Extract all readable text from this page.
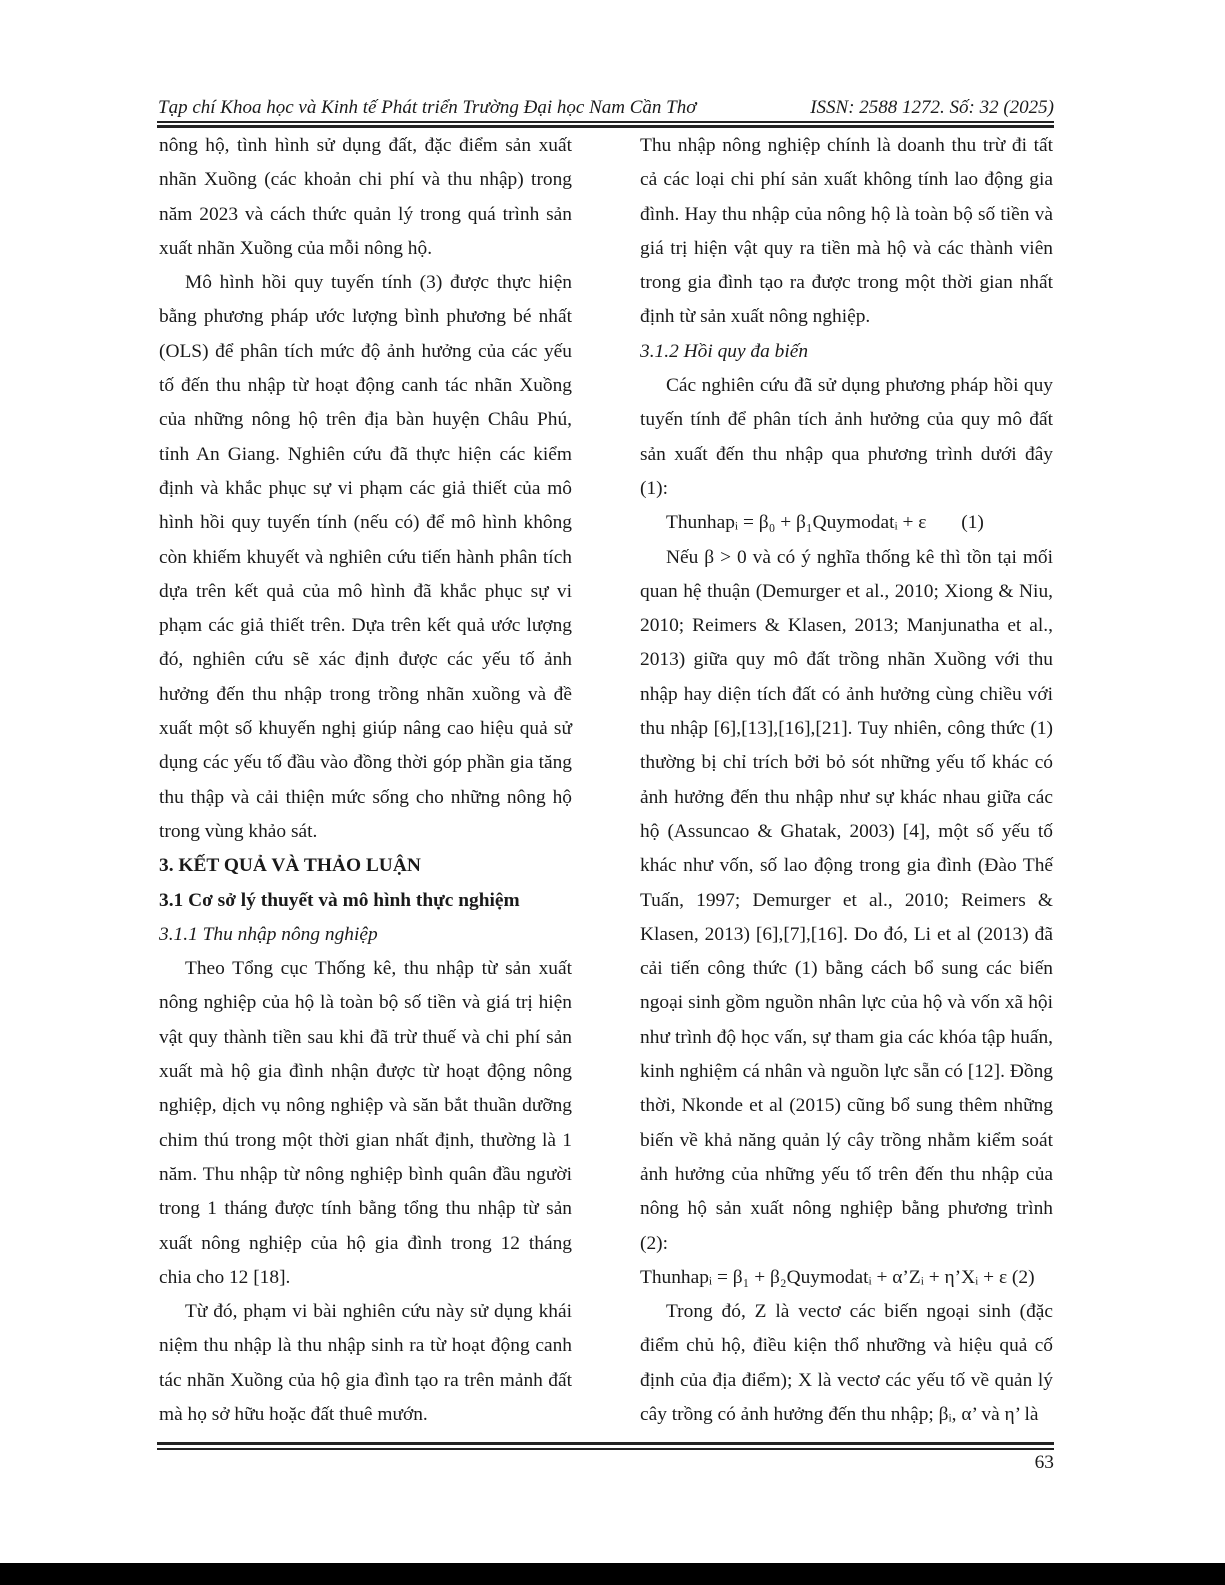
Tạp chí Khoa học và Kinh tế Phát triển Trường Đại học Nam Cần Thơ	ISSN: 2588 1272. Số: 32 (2025)

nông hộ, tình hình sử dụng đất, đặc điểm sản xuất nhãn Xuồng (các khoản chi phí và thu nhập) trong năm 2023 và cách thức quản lý trong quá trình sản xuất nhãn Xuồng của mỗi nông hộ.

Mô hình hồi quy tuyến tính (3) được thực hiện bằng phương pháp ước lượng bình phương bé nhất (OLS) để phân tích mức độ ảnh hưởng của các yếu tố đến thu nhập từ hoạt động canh tác nhãn Xuồng của những nông hộ trên địa bàn huyện Châu Phú, tỉnh An Giang. Nghiên cứu đã thực hiện các kiểm định và khắc phục sự vi phạm các giả thiết của mô hình hồi quy tuyến tính (nếu có) để mô hình không còn khiếm khuyết và nghiên cứu tiến hành phân tích dựa trên kết quả của mô hình đã khắc phục sự vi phạm các giả thiết trên. Dựa trên kết quả ước lượng đó, nghiên cứu sẽ xác định được các yếu tố ảnh hưởng đến thu nhập trong trồng nhãn xuồng và đề xuất một số khuyến nghị giúp nâng cao hiệu quả sử dụng các yếu tố đầu vào đồng thời góp phần gia tăng thu thập và cải thiện mức sống cho những nông hộ trong vùng khảo sát.

3. KẾT QUẢ VÀ THẢO LUẬN
3.1 Cơ sở lý thuyết và mô hình thực nghiệm
3.1.1 Thu nhập nông nghiệp

Theo Tổng cục Thống kê, thu nhập từ sản xuất nông nghiệp của hộ là toàn bộ số tiền và giá trị hiện vật quy thành tiền sau khi đã trừ thuế và chi phí sản xuất mà hộ gia đình nhận được từ hoạt động nông nghiệp, dịch vụ nông nghiệp và săn bắt thuần dưỡng chim thú trong một thời gian nhất định, thường là 1 năm. Thu nhập từ nông nghiệp bình quân đầu người trong 1 tháng được tính bằng tổng thu nhập từ sản xuất nông nghiệp của hộ gia đình trong 12 tháng chia cho 12 [18].

Từ đó, phạm vi bài nghiên cứu này sử dụng khái niệm thu nhập là thu nhập sinh ra từ hoạt động canh tác nhãn Xuồng của hộ gia đình tạo ra trên mảnh đất mà họ sở hữu hoặc đất thuê mướn.

Thu nhập nông nghiệp chính là doanh thu trừ đi tất cả các loại chi phí sản xuất không tính lao động gia đình. Hay thu nhập của nông hộ là toàn bộ số tiền và giá trị hiện vật quy ra tiền mà hộ và các thành viên trong gia đình tạo ra được trong một thời gian nhất định từ sản xuất nông nghiệp.

3.1.2 Hồi quy đa biến

Các nghiên cứu đã sử dụng phương pháp hồi quy tuyến tính để phân tích ảnh hưởng của quy mô đất sản xuất đến thu nhập qua phương trình dưới đây (1):

Thunhapᵢ = β₀ + β₁Quymodatᵢ + ε (1)

Nếu β > 0 và có ý nghĩa thống kê thì tồn tại mối quan hệ thuận (Demurger et al., 2010; Xiong & Niu, 2010; Reimers & Klasen, 2013; Manjunatha et al., 2013) giữa quy mô đất trồng nhãn Xuồng với thu nhập hay diện tích đất có ảnh hưởng cùng chiều với thu nhập [6],[13],[16],[21]. Tuy nhiên, công thức (1) thường bị chỉ trích bởi bỏ sót những yếu tố khác có ảnh hưởng đến thu nhập như sự khác nhau giữa các hộ (Assuncao & Ghatak, 2003) [4], một số yếu tố khác như vốn, số lao động trong gia đình (Đào Thế Tuấn, 1997; Demurger et al., 2010; Reimers & Klasen, 2013) [6],[7],[16]. Do đó, Li et al (2013) đã cải tiến công thức (1) bằng cách bổ sung các biến ngoại sinh gồm nguồn nhân lực của hộ và vốn xã hội như trình độ học vấn, sự tham gia các khóa tập huấn, kinh nghiệm cá nhân và nguồn lực sẵn có [12]. Đồng thời, Nkonde et al (2015) cũng bổ sung thêm những biến về khả năng quản lý cây trồng nhằm kiểm soát ảnh hưởng của những yếu tố trên đến thu nhập của nông hộ sản xuất nông nghiệp bằng phương trình (2):

Thunhapᵢ = β₁ + β₂Quymodatᵢ + α’Zᵢ + η’Xᵢ + ε (2)

Trong đó, Z là vectơ các biến ngoại sinh (đặc điểm chủ hộ, điều kiện thổ nhưỡng và hiệu quả cố định của địa điểm); X là vectơ các yếu tố về quản lý cây trồng có ảnh hưởng đến thu nhập; βᵢ, α’ và η’ là

63
